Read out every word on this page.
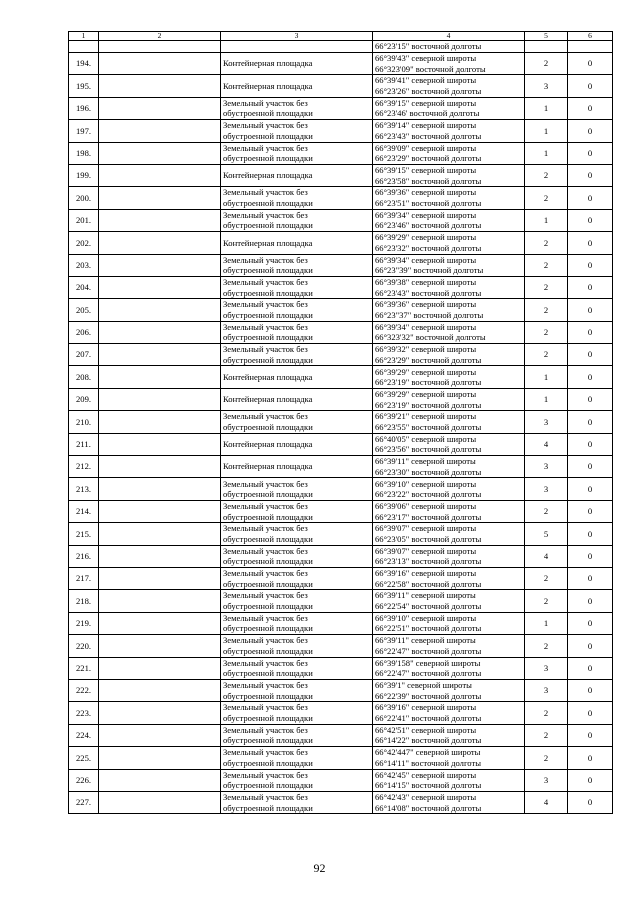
1	2	3	4	5	6

			66°23'15" восточной долготы		

194.		Контейнерная площадка	66°39'43" северной широты
66°323'09" восточной долготы	2	0
195.		Контейнерная площадка	66°39'41" северной широты
66°23'26" восточной долготы	3	0
196.		Земельный участок без
обустроенной площадки	66°39'15" северной широты
66°23'46' восточной долготы	1	0
197.		Земельный участок без
обустроенной площадки	66°39'14" северной широты
66°23'43" восточной долготы	1	0
198.		Земельный участок без
обустроенной площадки	66°39'09" северной широты
66°23'29" восточной долготы	1	0
199.		Контейнерная площадка	66°39'15" северной широты
66°23'58" восточной долготы	2	0
200.		Земельный участок без
обустроенной площадки	66°39'36" северной широты
66°23'51" восточной долготы	2	0
201.		Земельный участок без
обустроенной площадки	66°39'34" северной широты
66°23'46" восточной долготы	1	0
202.		Контейнерная площадка	66°39'29" северной широты
66°23'32" восточной долготы	2	0
203.		Земельный участок без
обустроенной площадки	66°39'34" северной широты
66°23"39" восточной долготы	2	0
204.		Земельный участок без
обустроенной площадки	66°39'38" северной широты
66°23'43" восточной долготы	2	0
205.		Земельный участок без
обустроенной площадки	66°39'36" северной широты
66°23"37" восточной долготы	2	0
206.		Земельный участок без
обустроенной площадки	66°39'34" северной широты
66°323'32" восточной долготы	2	0
207.		Земельный участок без
обустроенной площадки	66°39'32" северной широты
66°23'29" восточной долготы	2	0
208.		Контейнерная площадка	66°39'29" северной широты
66°23'19" восточной долготы	1	0
209.		Контейнерная площадка	66°39'29" северной широты
66°23'19" восточной долготы	1	0
210.		Земельный участок без
обустроенной площадки	66°39'21" северной широты
66°23'55" восточной долготы	3	0
211.		Контейнерная площадка	66°40'05" северной широты
66°23'56" восточной долготы	4	0
212.		Контейнерная площадка	66°39'11" северной широты
66°23'30" восточной долготы	3	0
213.		Земельный участок без
обустроенной площадки	66°39'10" северной широты
66°23'22" восточной долготы	3	0
214.		Земельный участок без
обустроенной площадки	66°39'06" северной широты
66°23'17" восточной долготы	2	0
215.		Земельный участок без
обустроенной площадки	66°39'07" северной широты
66°23'05" восточной долготы	5	0
216.		Земельный участок без
обустроенной площадки	66°39'07" северной широты
66°23'13" восточной долготы	4	0
217.		Земельный участок без
обустроенной площадки	66°39'16" северной широты
66°22'58" восточной долготы	2	0
218.		Земельный участок без
обустроенной площадки	66°39'11" северной широты
66°22'54" восточной долготы	2	0
219.		Земельный участок без
обустроенной площадки	66°39'10" северной широты
66°22'51" восточной долготы	1	0
220.		Земельный участок без
обустроенной площадки	66°39'11" северной широты
66°22'47" восточной долготы	2	0
221.		Земельный участок без
обустроенной площадки	66°39'158" северной широты
66°22'47" восточной долготы	3	0
222.		Земельный участок без
обустроенной площадки	66°39'1" северной широты
66°22'39" восточной долготы	3	0
223.		Земельный участок без
обустроенной площадки	66°39'16" северной широты
66°22'41" восточной долготы	2	0
224.		Земельный участок без
обустроенной площадки	66°42'51" северной широты
66°14'22" восточной долготы	2	0
225.		Земельный участок без
обустроенной площадки	66°42'447" северной широты
66°14'11" восточной долготы	2	0
226.		Земельный участок без
обустроенной площадки	66°42'45" северной широты
66°14'15" восточной долготы	3	0
227.		Земельный участок без
обустроенной площадки	66°42'43" северной широты
66°14'08" восточной долготы	4	0
92
